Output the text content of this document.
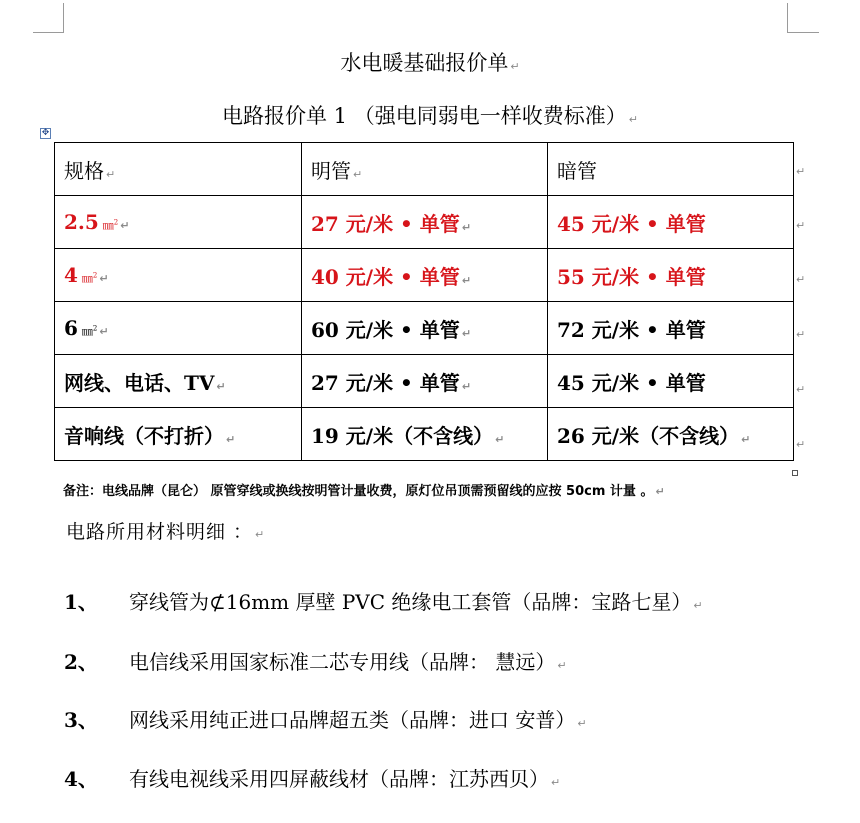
水电暖基础报价单 ↵
电路报价单 1 （强电同弱电一样收费标准） ↵
✥
规格 ↵	明管 ↵	暗管
2.5 ㎜$^2$ ↵	27 元/米 • 单管 ↵	45 元/米 • 单管
4 ㎜$^2$ ↵	40 元/米 • 单管 ↵	55 元/米 • 单管
6 ㎜$^2$ ↵	60 元/米 • 单管 ↵	72 元/米 • 单管
网线、电话、TV ↵	27 元/米 • 单管 ↵	45 元/米 • 单管
音响线（不打折） ↵	19 元/米（不含线） ↵	26 元/米（不含线） ↵
↵
↵
↵
↵
↵
↵
备注：电线品牌（昆仑） 原管穿线或换线按明管计量收费，原灯位吊顶需预留线的应按 50cm 计量 。 ↵
电路所用材料明细 ： ↵
1、 穿线管为⊄16mm 厚壁 PVC 绝缘电工套管（品牌：宝路七星） ↵
2、 电信线采用国家标准二芯专用线（品牌： 慧远） ↵
3、 网线采用纯正进口品牌超五类（品牌：进口 安普） ↵
4、 有线电视线采用四屏蔽线材（品牌：江苏西贝） ↵
